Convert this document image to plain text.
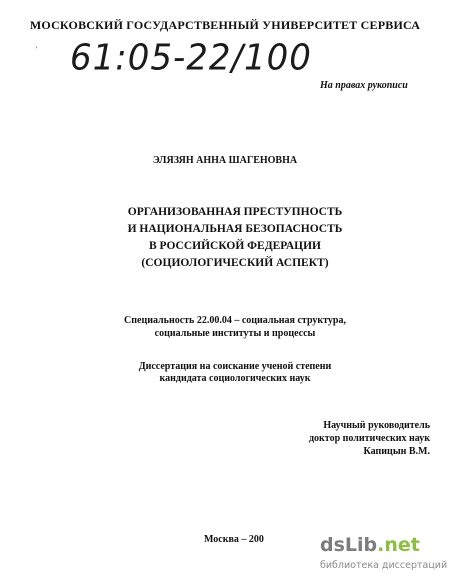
МОСКОВСКИЙ ГОСУДАРСТВЕННЫЙ УНИВЕРСИТЕТ СЕРВИСА
' 61:05-22/100
На правах рукописи
ЭЛЯЗЯН АННА ШАГЕНОВНА
ОРГАНИЗОВАННАЯ ПРЕСТУПНОСТЬ
И НАЦИОНАЛЬНАЯ БЕЗОПАСНОСТЬ
В РОССИЙСКОЙ ФЕДЕРАЦИИ
(СОЦИОЛОГИЧЕСКИЙ АСПЕКТ)
Специальность 22.00.04 – социальная структура,
социальные институты и процессы
Диссертация на соискание ученой степени
кандидата социологических наук
Научный руководитель
доктор политических наук
Капицын В.М.
Москва – 200	dsLib.net
библиотека диссертаций
